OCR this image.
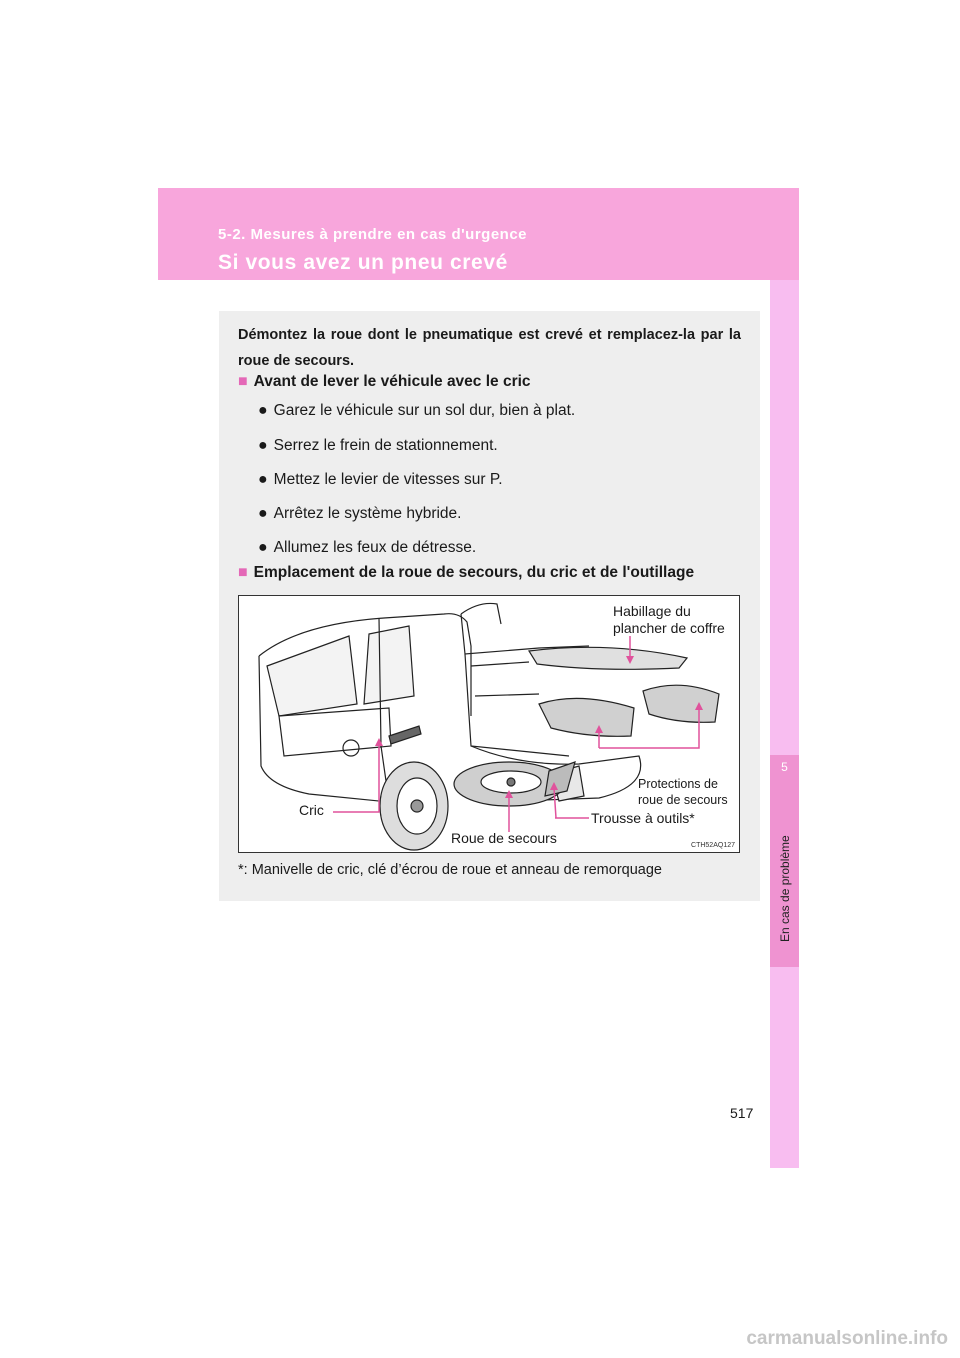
5-2. Mesures à prendre en cas d'urgence
Si vous avez un pneu crevé
5
En cas de problème
Démontez la roue dont le pneumatique est crevé et remplacez-la par la roue de secours.
■ Avant de lever le véhicule avec le cric
● Garez le véhicule sur un sol dur, bien à plat.
● Serrez le frein de stationnement.
● Mettez le levier de vitesses sur P.
● Arrêtez le système hybride.
● Allumez les feux de détresse.
■ Emplacement de la roue de secours, du cric et de l'outillage
Habillage du
plancher de coffre
Protections de
roue de secours
Cric	Trousse à outils*
Roue de secours	CTH52AQ127
*: Manivelle de cric, clé d’écrou de roue et anneau de remorquage
517
carmanualsonline.info
